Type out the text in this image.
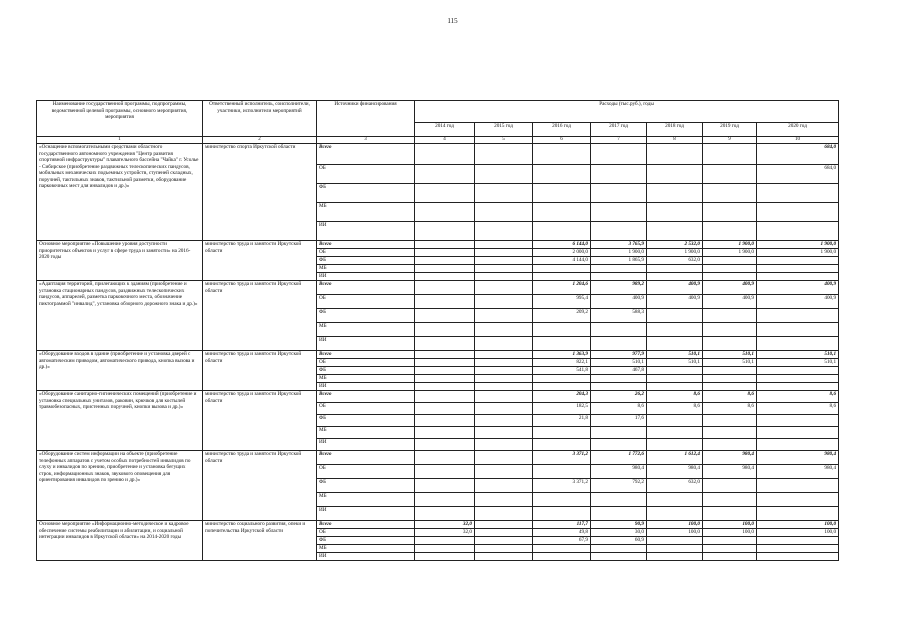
115
Наименование государственной программы, подпрограммы, ведомственной целевой программы, основного мероприятия, мероприятия	Ответственный исполнитель, соисполнители, участники, исполнители мероприятий	Источники финансирования	Расходы (тыс.руб.), годы						
			2014 год	2015 год	2016 год	2017 год	2018 год	2019 год	2020 год
1	2	3	4	5	6	7	8	9	10
«Оснащение вспомогательными средствами областного государственного автономного учреждения "Центр развития спортивной инфраструктуры" плавательного бассейна "Чайка" г. Усолье - Сибирское (приобретение раздвижных телескопических пандусов, мобильных механических подъемных устройств, ступеней складных, поручней, тактильных знаков, тактильной разметки, оборудование парковочных мест для инвалидов и др.)»	министерство спорта Иркутской области	Всего							684,0
		ОБ							684,0
		ФБ							
		МБ							
		ИИ							
Основное мероприятие «Повышение уровня доступности приоритетных объектов и услуг в сфере труда и занятости» на 2016-2020 годы	министерство труда и занятости Иркутской области	Всего			6 144,0	3 765,9	2 532,0	1 900,0	1 900,0
		ОБ			2 000,0	1 900,0	1 900,0	1 900,0	1 900,0
		ФБ			4 144,0	1 865,9	632,0		
		МБ							
		ИИ							
«Адаптация территорий, прилегающих к зданиям (приобретение и установка стационарных пандусов, раздвижных телескопических пандусов, аппарелей, разметка парковочного места, обозначение пиктограммой "инвалид", установка обзорного дорожного знака и др.)»	министерство труда и занятости Иркутской области	Всего			1 204,6	989,2	400,9	400,9	400,9
		ОБ			995,4	400,9	400,9	400,9	400,9
		ФБ			209,2	588,3			
		МБ							
		ИИ							
«Оборудование входов в здание (приобретение и установка дверей с автоматическим приводом, автоматического привода, кнопка вызова и др.)»	министерство труда и занятости Иркутской области	Всего			1 363,9	977,9	510,1	510,1	510,1
		ОБ			822,1	510,1	510,1	510,1	510,1
		ФБ			541,8	467,8			
		МБ							
		ИИ							
«Оборудование санитарно-гигиенических помещений (приобретение и установка специальных унитазов, раковин, крючков для костылей травмобезопасных, пристенных поручней, кнопки вызова и др.)»	министерство труда и занятости Иркутской области	Всего			204,3	26,2	8,6	8,6	8,6
		ОБ			182,5	8,6	8,6	8,6	8,6
		ФБ			21,8	17,6			
		МБ							
		ИИ							
«Оборудование систем информации на объекте (приобретение телефонных аппаратов с учетом особых потребностей инвалидов по слуху и инвалидов по зрению, приобретение и установка бегущих строк, информационных знаков, звукового оповещения для ориентирования инвалидов по зрению и др.)»	министерство труда и занятости Иркутской области	Всего			3 371,2	1 772,6	1 612,4	980,4	980,4
		ОБ				980,4	980,4	980,4	980,4
		ФБ			3 371,2	792,2	632,0		
		МБ							
		ИИ							
Основное мероприятие «Информационно-методическое и кадровое обеспечение системы реабилитации и абилитации, и социальной интеграции инвалидов в Иркутской области» на 2014-2020 годы	министерство социального развития, опеки и попечительства Иркутской области	Всего	32,0		117,7	90,9	100,0	100,0	100,0
		ОБ	32,0		49,8	30,0	100,0	100,0	100,0
		ФБ			67,9	60,9			
		МБ							
		ИИ							
